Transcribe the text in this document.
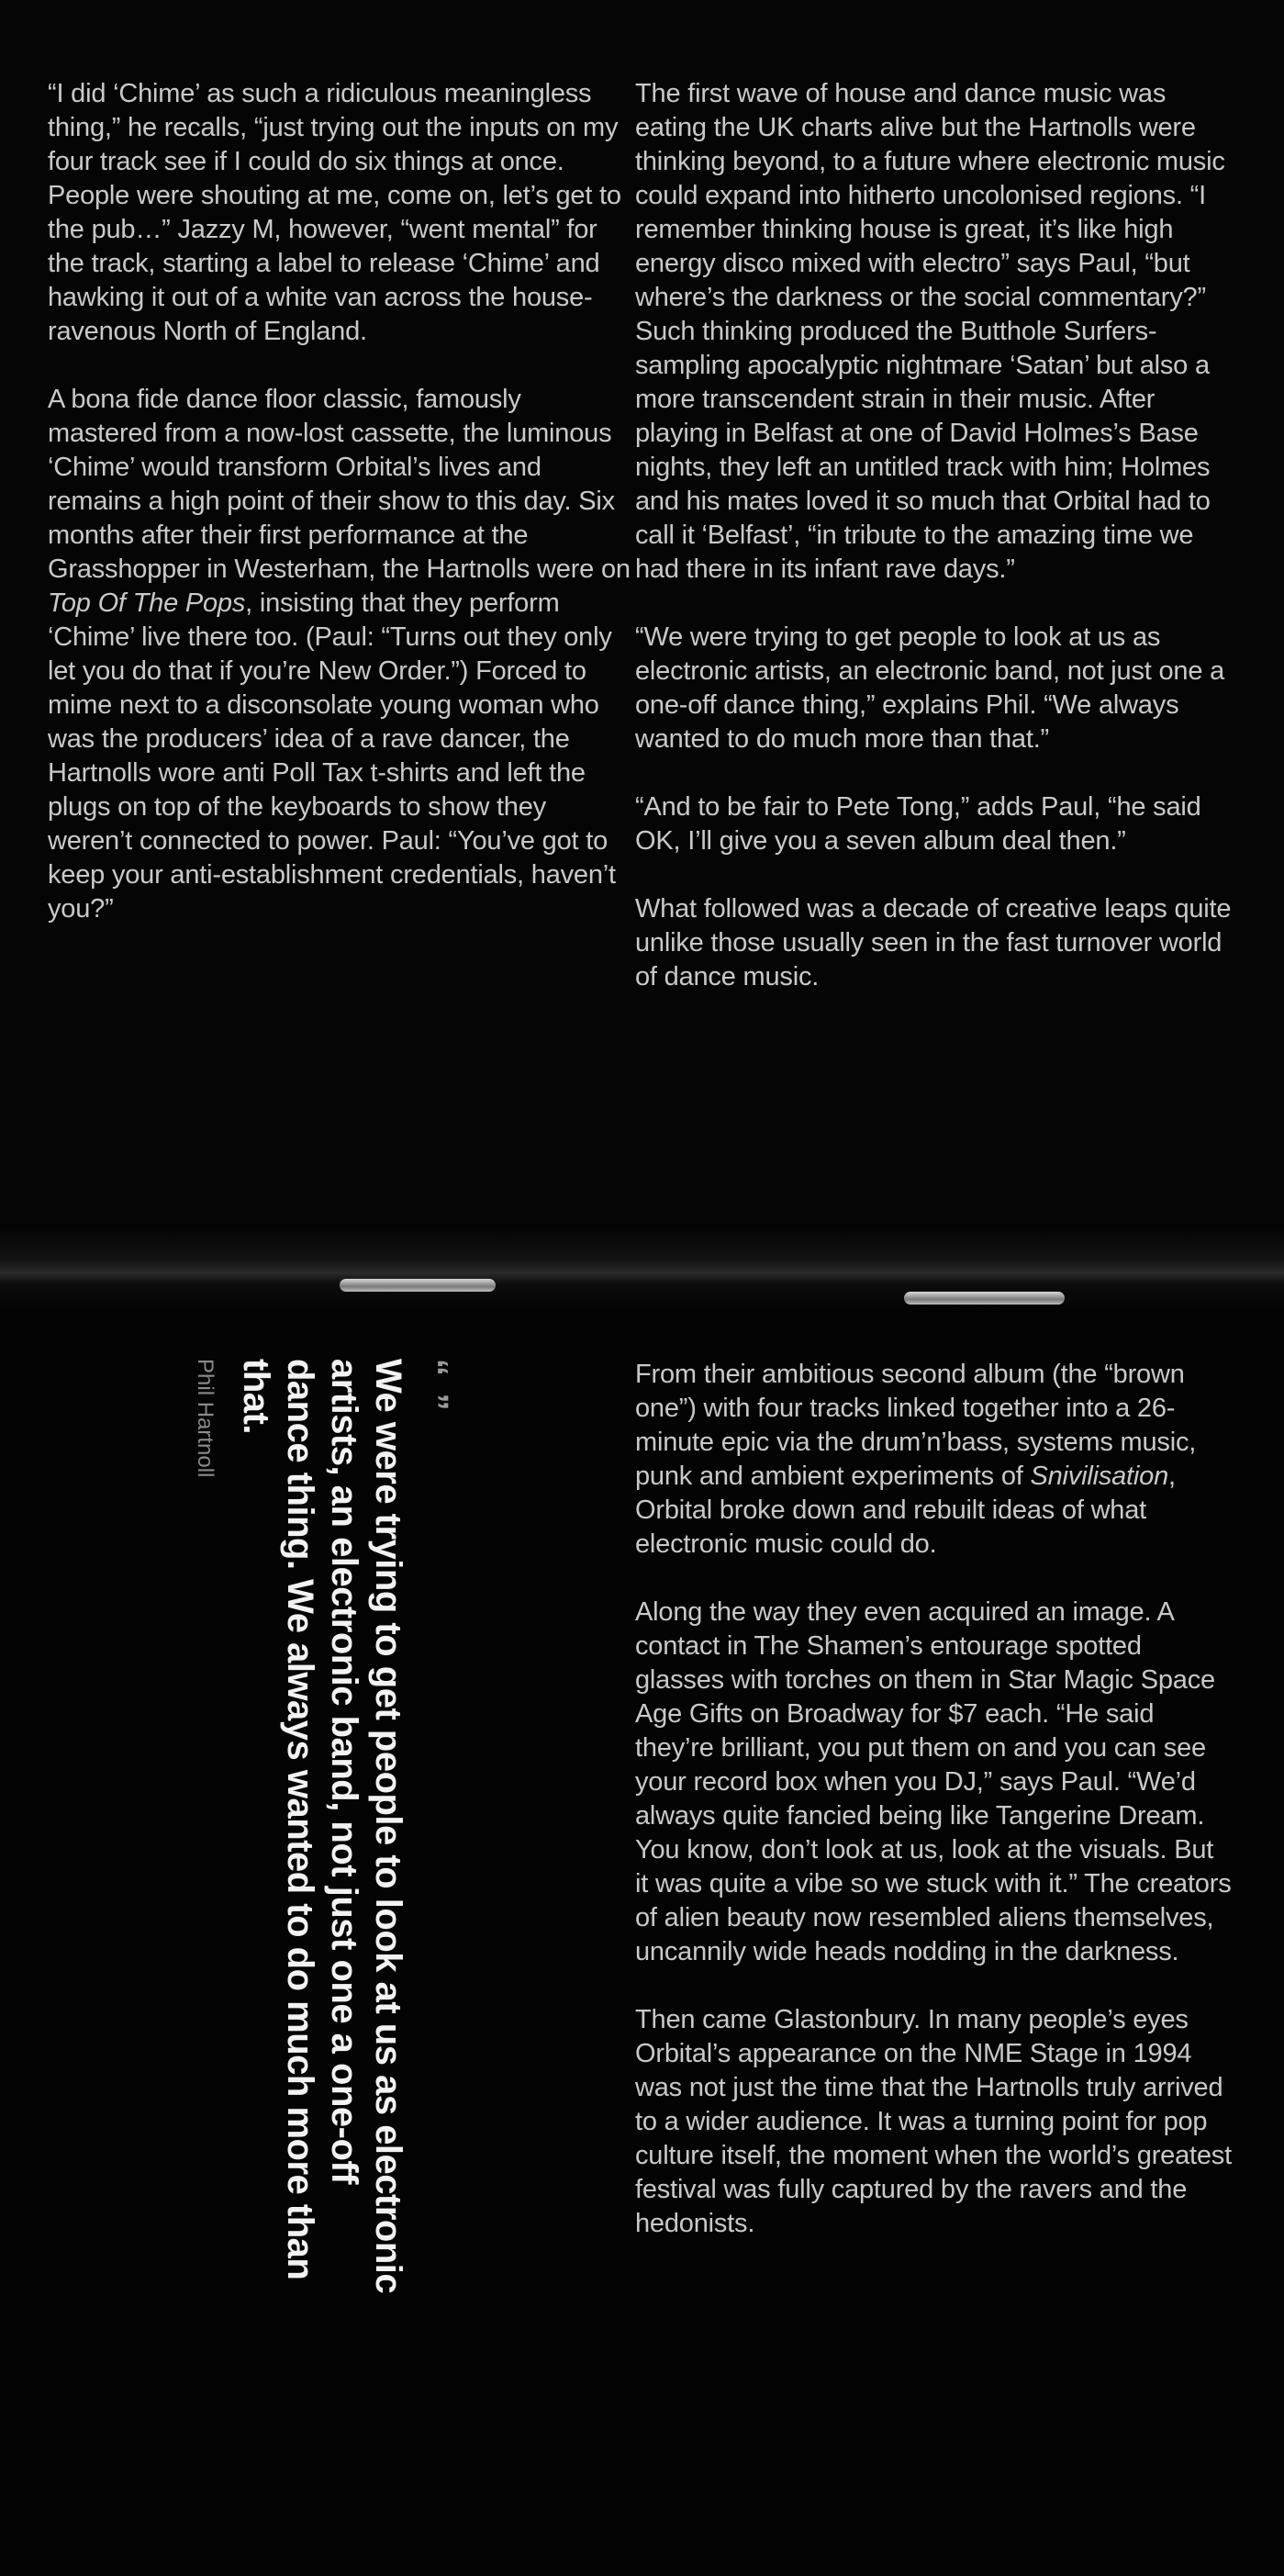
“I did ‘Chime’ as such a ridiculous meaningless thing,” he recalls, “just trying out the inputs on my four track see if I could do six things at once. People were shouting at me, come on, let’s get to the pub…” Jazzy M, however, “went mental” for the track, starting a label to release ‘Chime’ and hawking it out of a white van across the house-ravenous North of England.

A bona fide dance floor classic, famously mastered from a now-lost cassette, the luminous ‘Chime’ would transform Orbital’s lives and remains a high point of their show to this day. Six months after their first performance at the Grasshopper in Westerham, the Hartnolls were on Top Of The Pops, insisting that they perform ‘Chime’ live there too. (Paul: “Turns out they only let you do that if you’re New Order.”) Forced to mime next to a disconsolate young woman who was the producers’ idea of a rave dancer, the Hartnolls wore anti Poll Tax t-shirts and left the plugs on top of the keyboards to show they weren’t connected to power. Paul: “You’ve got to keep your anti-establishment credentials, haven’t you?”

The first wave of house and dance music was eating the UK charts alive but the Hartnolls were thinking beyond, to a future where electronic music could expand into hitherto uncolonised regions. “I remember thinking house is great, it’s like high energy disco mixed with electro” says Paul, “but where’s the darkness or the social commentary?” Such thinking produced the Butthole Surfers-sampling apocalyptic nightmare ‘Satan’ but also a more transcendent strain in their music. After playing in Belfast at one of David Holmes’s Base nights, they left an untitled track with him; Holmes and his mates loved it so much that Orbital had to call it ‘Belfast’, “in tribute to the amazing time we had there in its infant rave days.”

“We were trying to get people to look at us as electronic artists, an electronic band, not just one a one-off dance thing,” explains Phil. “We always wanted to do much more than that.”

“And to be fair to Pete Tong,” adds Paul, “he said OK, I’ll give you a seven album deal then.”

What followed was a decade of creative leaps quite unlike those usually seen in the fast turnover world of dance music.

“ ”
We were trying to get people to look at us as electronic artists, an electronic band, not just one a one-off dance thing. We always wanted to do much more than that.
Phil Hartnoll	From their ambitious second album (the “brown one”) with four tracks linked together into a 26-minute epic via the drum’n’bass, systems music, punk and ambient experiments of Snivilisation, Orbital broke down and rebuilt ideas of what electronic music could do.

Along the way they even acquired an image. A contact in The Shamen’s entourage spotted glasses with torches on them in Star Magic Space Age Gifts on Broadway for $7 each. “He said they’re brilliant, you put them on and you can see your record box when you DJ,” says Paul. “We’d always quite fancied being like Tangerine Dream. You know, don’t look at us, look at the visuals. But it was quite a vibe so we stuck with it.” The creators of alien beauty now resembled aliens themselves, uncannily wide heads nodding in the darkness.

Then came Glastonbury. In many people’s eyes Orbital’s appearance on the NME Stage in 1994 was not just the time that the Hartnolls truly arrived to a wider audience. It was a turning point for pop culture itself, the moment when the world’s greatest festival was fully captured by the ravers and the hedonists.
